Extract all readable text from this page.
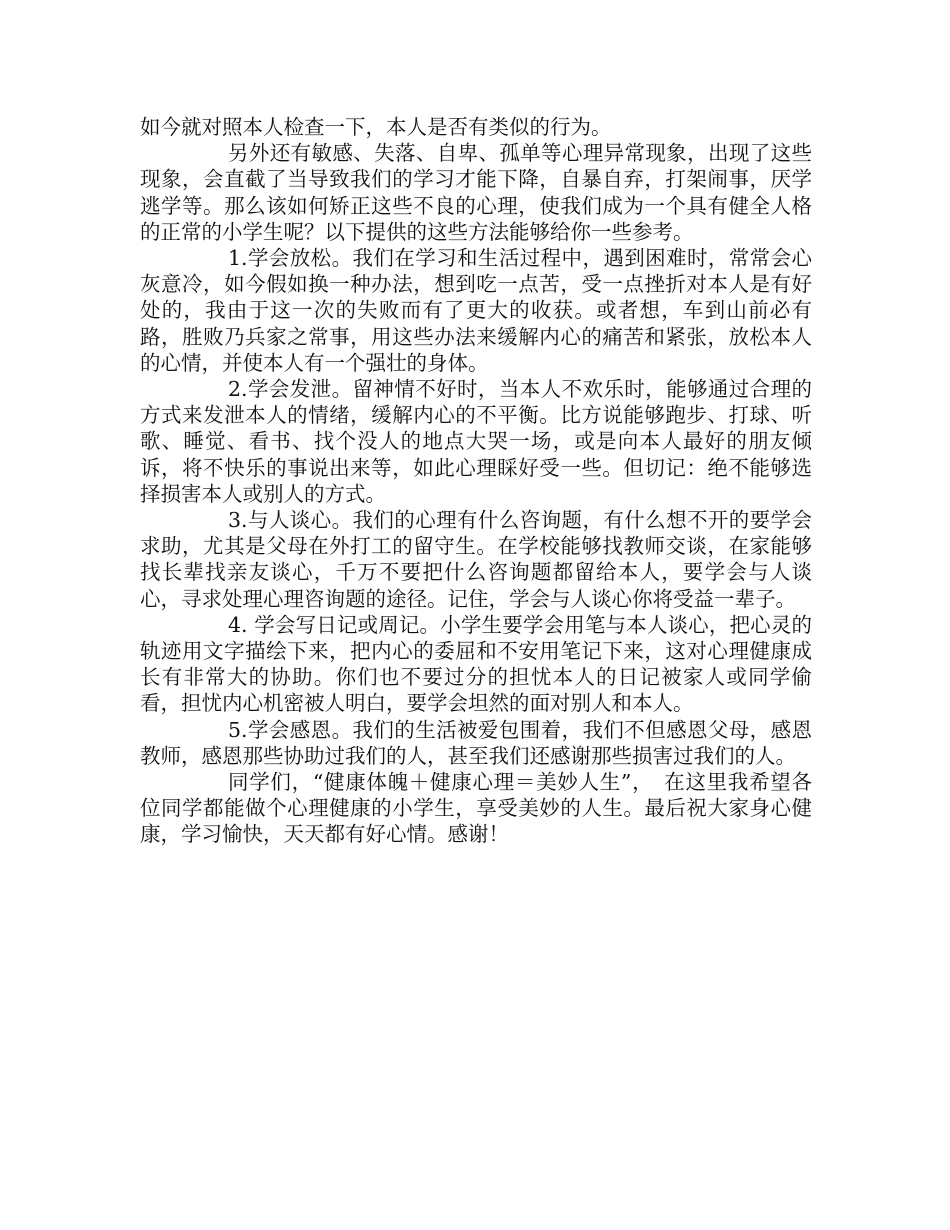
如今就对照本人检查一下，本人是否有类似的行为。

另外还有敏感、失落、自卑、孤单等心理异常现象，出现了这些现象，会直截了当导致我们的学习才能下降，自暴自弃，打架闹事，厌学逃学等。那么该如何矫正这些不良的心理，使我们成为一个具有健全人格的正常的小学生呢？以下提供的这些方法能够给你一些参考。

1.学会放松。我们在学习和生活过程中，遇到困难时，常常会心灰意冷，如今假如换一种办法，想到吃一点苦，受一点挫折对本人是有好处的，我由于这一次的失败而有了更大的收获。或者想，车到山前必有路，胜败乃兵家之常事，用这些办法来缓解内心的痛苦和紧张，放松本人的心情，并使本人有一个强壮的身体。

2.学会发泄。留神情不好时，当本人不欢乐时，能够通过合理的方式来发泄本人的情绪，缓解内心的不平衡。比方说能够跑步、打球、听歌、睡觉、看书、找个没人的地点大哭一场，或是向本人最好的朋友倾诉，将不快乐的事说出来等，如此心理睬好受一些。但切记：绝不能够选择损害本人或别人的方式。

3.与人谈心。我们的心理有什么咨询题，有什么想不开的要学会求助，尤其是父母在外打工的留守生。在学校能够找教师交谈，在家能够找长辈找亲友谈心，千万不要把什么咨询题都留给本人，要学会与人谈心，寻求处理心理咨询题的途径。记住，学会与人谈心你将受益一辈子。

4. 学会写日记或周记。小学生要学会用笔与本人谈心，把心灵的轨迹用文字描绘下来，把内心的委屈和不安用笔记下来，这对心理健康成长有非常大的协助。你们也不要过分的担忧本人的日记被家人或同学偷看，担忧内心机密被人明白，要学会坦然的面对别人和本人。

5.学会感恩。我们的生活被爱包围着，我们不但感恩父母，感恩教师，感恩那些协助过我们的人，甚至我们还感谢那些损害过我们的人。

同学们，“健康体魄＋健康心理＝美妙人生”，　在这里我希望各位同学都能做个心理健康的小学生，享受美妙的人生。最后祝大家身心健康，学习愉快，天天都有好心情。感谢！
